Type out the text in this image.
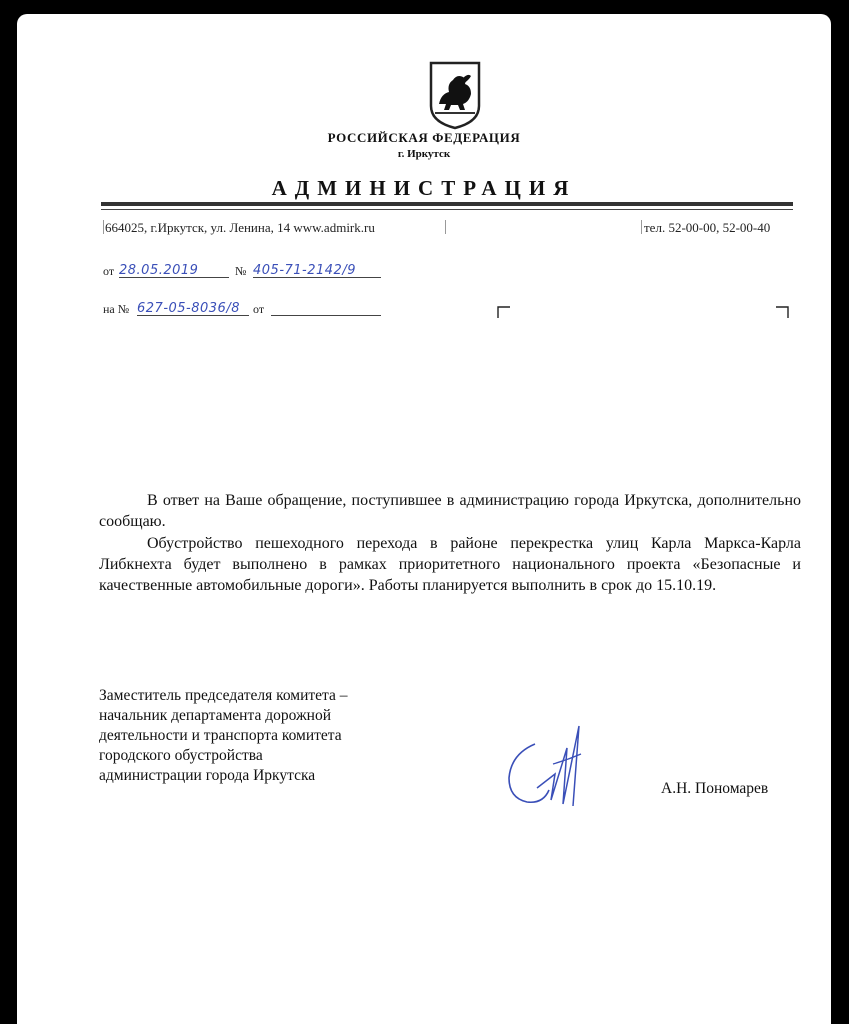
РОССИЙСКАЯ ФЕДЕРАЦИЯ
г. Иркутск
АДМИНИСТРАЦИЯ
664025, г.Иркутск, ул. Ленина, 14 www.admirk.ru	тел. 52-00-00, 52-00-40
от 28.05.2019	№ 405-71-2142/9
на № 627-05-8036/8	от
В ответ на Ваше обращение, поступившее в администрацию города Иркутска, дополнительно сообщаю.
Обустройство пешеходного перехода в районе перекрестка улиц Карла Маркса-Карла Либкнехта будет выполнено в рамках приоритетного национального проекта «Безопасные и качественные автомобильные дороги». Работы планируется выполнить в срок до 15.10.19.
Заместитель председателя комитета –
начальник департамента дорожной
деятельности и транспорта комитета
городского обустройства
администрации города Иркутска
А.Н. Пономарев
